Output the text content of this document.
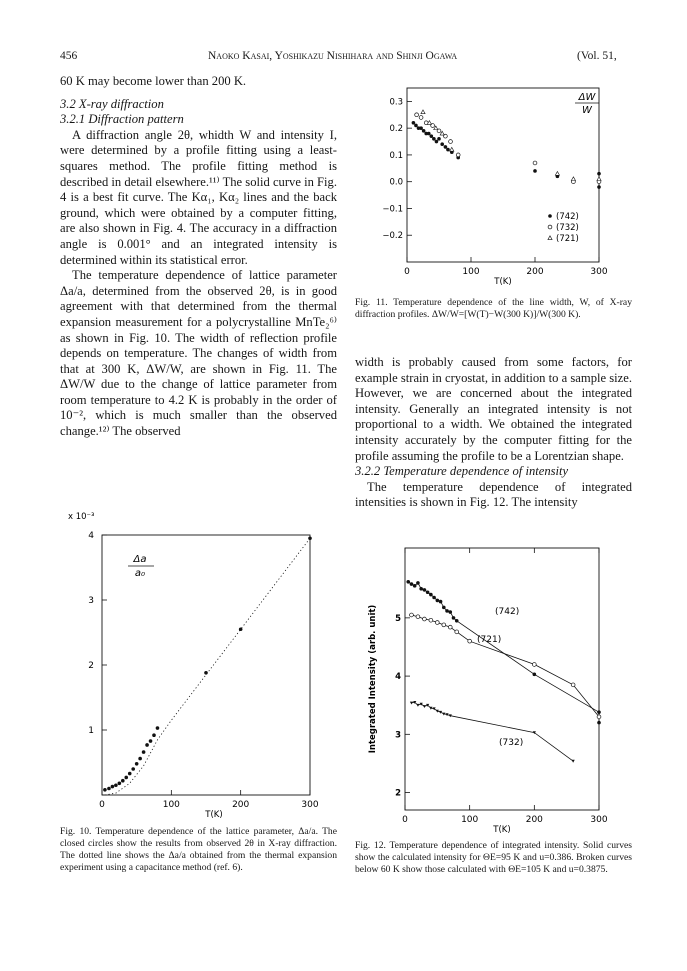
456	Naoko Kasai, Yoshikazu Nishihara and Shinji Ogawa	(Vol. 51,

60 K may become lower than 200 K.

3.2 X-ray diffraction

3.2.1 Diffraction pattern

A diffraction angle 2θ, whidth W and intensity I, were determined by a profile fitting using a least-squares method. The profile fitting method is described in detail elsewhere.¹¹⁾ The solid curve in Fig. 4 is a best fit curve. The Kα₁, Kα₂ lines and the back ground, which were obtained by a computer fitting, are also shown in Fig. 4. The accuracy in a diffraction angle is 0.001° and an integrated intensity is determined within its statistical error.

The temperature dependence of lattice parameter Δa/a, determined from the observed 2θ, is in good agreement with that determined from the thermal expansion measurement for a polycrystalline MnTe₂⁶⁾ as shown in Fig. 10. The width of reflection profile depends on temperature. The changes of width from that at 300 K, ΔW/W, are shown in Fig. 11. The ΔW/W due to the change of lattice parameter from room temperature to 4.2 K is probably in the order of 10⁻², which is much smaller than the observed change.¹²⁾ The observed

width is probably caused from some factors, for example strain in cryostat, in addition to a sample size. However, we are concerned about the integrated intensity. Generally an integrated intensity is not proportional to a width. We obtained the integrated intensity accurately by the computer fitting for the profile assuming the profile to be a Lorentzian shape.

3.2.2 Temperature dependence of intensity

The temperature dependence of integrated intensities is shown in Fig. 12. The intensity

0	100	200	300
0.3
0.2
0.1
0.0
−0.1
−0.2
T(K)
ΔW
W
(742)
(732)
(721)
Fig. 11. Temperature dependence of the line width, W, of X-ray diffraction profiles. ΔW/W=[W(T)−W(300 K)]/W(300 K).
0	100	200	300
1
2
3
4
T(K)
x 10⁻³
Δa
a₀
Fig. 10. Temperature dependence of the lattice parameter, Δa/a. The closed circles show the results from observed 2θ in X-ray diffraction. The dotted line shows the Δa/a obtained from the thermal expansion experiment using a capacitance method (ref. 6).
0	100	200	300
2
3
4
5
T(K)
Integrated Intensity (arb. unit)	(742)
(721)
(732)
Fig. 12. Temperature dependence of integrated intensity. Solid curves show the calculated intensity for ΘE=95 K and u=0.386. Broken curves below 60 K show those calculated with ΘE=105 K and u=0.3875.
